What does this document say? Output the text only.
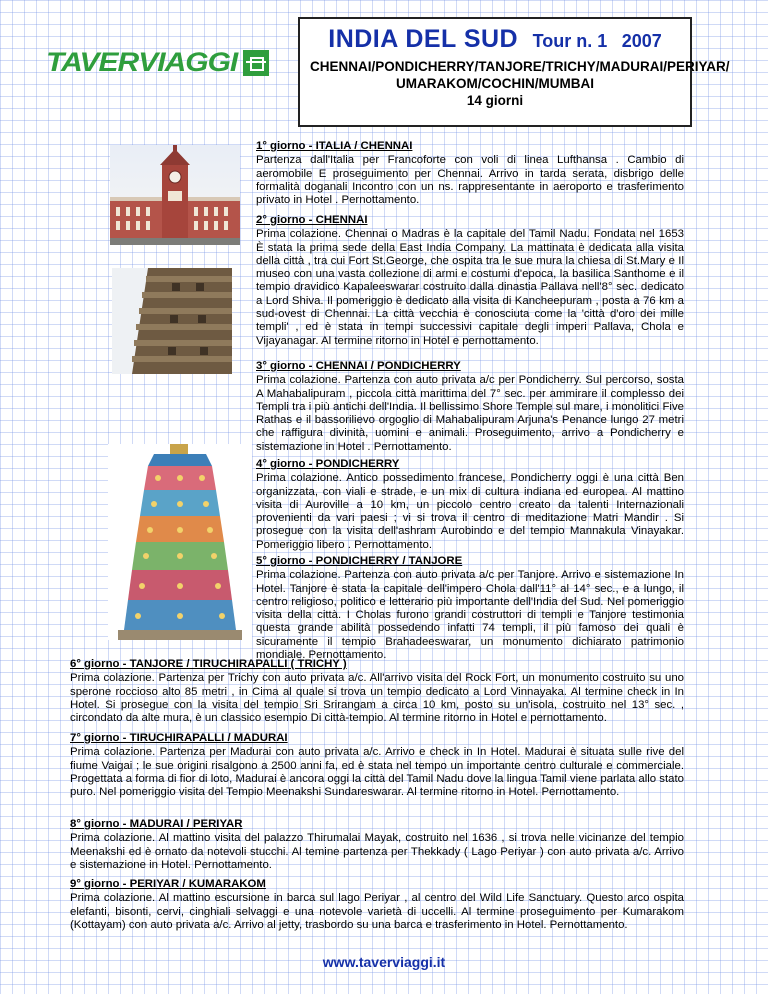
TAVERVIAGGI
INDIA DEL SUD Tour n. 1 2007
CHENNAI/PONDICHERRY/TANJORE/TRICHY/MADURAI/PERIYAR/ UMARAKOM/COCHIN/MUMBAI
14 giorni
1° giorno - ITALIA / CHENNAI
Partenza dall'Italia per Francoforte con voli di linea Lufthansa . Cambio di aeromobile E proseguimento per Chennai. Arrivo in tarda serata, disbrigo delle formalità doganali Incontro con un ns. rappresentante in aeroporto e trasferimento privato in Hotel . Pernottamento.
2° giorno - CHENNAI
Prima colazione. Chennai o Madras è la capitale del Tamil Nadu. Fondata nel 1653 È stata la prima sede della East India Company. La mattinata è dedicata alla visita della città , tra cui Fort St.George, che ospita tra le sue mura la chiesa di St.Mary e Il museo con una vasta collezione di armi e costumi d'epoca, la basilica Santhome e il tempio dravidico Kapaleeswarar costruito dalla dinastia Pallava nell'8° sec. dedicato a Lord Shiva. Il pomeriggio è dedicato alla visita di Kancheepuram , posta a 76 km a sud-ovest di Chennai. La città vecchia è conosciuta come la 'città d'oro dei mille templi' , ed è stata in tempi successivi capitale degli imperi Pallava, Chola e Vijayanagar. Al termine ritorno in Hotel e pernottamento.
3° giorno - CHENNAI / PONDICHERRY
Prima colazione. Partenza con auto privata a/c per Pondicherry. Sul percorso, sosta A Mahabalipuram , piccola città marittima del 7° sec. per ammirare il complesso dei Templi tra i più antichi dell'India. Il bellissimo Shore Temple sul mare, i monolitici Five Rathas e il bassorilievo orgoglio di Mahabalipuram Arjuna's Penance lungo 27 metri che raffigura divinità, uomini e animali. Proseguimento, arrivo a Pondicherry e sistemazione in Hotel . Pernottamento.
4° giorno - PONDICHERRY
Prima colazione. Antico possedimento francese, Pondicherry oggi è una città Ben organizzata, con viali e strade, e un mix di cultura indiana ed europea. Al mattino visita di Auroville a 10 km, un piccolo centro creato da talenti Internazionali provenienti da vari paesi ; vi si trova il centro di meditazione Matri Mandir . Si prosegue con la visita dell'ashram Aurobindo e del tempio Mannakula Vinayakar. Pomeriggio libero . Pernottamento.
5° giorno - PONDICHERRY / TANJORE
Prima colazione. Partenza con auto privata a/c per Tanjore. Arrivo e sistemazione In Hotel. Tanjore è stata la capitale dell'impero Chola dall'11° al 14° sec., e a lungo, il centro religioso, politico e letterario più importante dell'India del Sud. Nel pomeriggio visita della città. I Cholas furono grandi costruttori di templi e Tanjore testimonia questa grande abilità possedendo infatti 74 templi, il più famoso dei quali è sicuramente il tempio Brahadeeswarar, un monumento dichiarato patrimonio mondiale. Pernottamento.
6° giorno - TANJORE / TIRUCHIRAPALLI ( TRICHY )
Prima colazione. Partenza per Trichy con auto privata a/c. All'arrivo visita del Rock Fort, un monumento costruito su uno sperone roccioso alto 85 metri , in Cima al quale si trova un tempio dedicato a Lord Vinnayaka. Al termine check in In Hotel. Si prosegue con la visita del tempio Sri Srirangam a circa 10 km, posto su un'isola, costruito nel 13° sec. , circondato da alte mura, è un classico esempio Di città-tempio. Al termine ritorno in Hotel e pernottamento.
7° giorno - TIRUCHIRAPALLI / MADURAI
Prima colazione. Partenza per Madurai con auto privata a/c. Arrivo e check in In Hotel. Madurai è situata sulle rive del fiume Vaigai ; le sue origini risalgono a 2500 anni fa, ed è stata nel tempo un importante centro culturale e commerciale. Progettata a forma di fior di loto, Madurai è ancora oggi la città del Tamil Nadu dove la lingua Tamil viene parlata allo stato puro. Nel pomeriggio visita del Tempio Meenakshi Sundareswarar. Al termine ritorno in Hotel. Pernottamento.
8° giorno - MADURAI / PERIYAR
Prima colazione. Al mattino visita del palazzo Thirumalai Mayak, costruito nel 1636 , si trova nelle vicinanze del tempio Meenakshi ed è ornato da notevoli stucchi. Al temine partenza per Thekkady ( Lago Periyar ) con auto privata a/c. Arrivo e sistemazione in Hotel. Pernottamento.
9° giorno - PERIYAR / KUMARAKOM
Prima colazione. Al mattino escursione in barca sul lago Periyar , al centro del Wild Life Sanctuary. Questo arco ospita elefanti, bisonti, cervi, cinghiali selvaggi e una notevole varietà di uccelli. Al termine proseguimento per Kumarakom (Kottayam) con auto privata a/c. Arrivo al jetty, trasbordo su una barca e trasferimento in Hotel. Pernottamento.
www.taverviaggi.it
